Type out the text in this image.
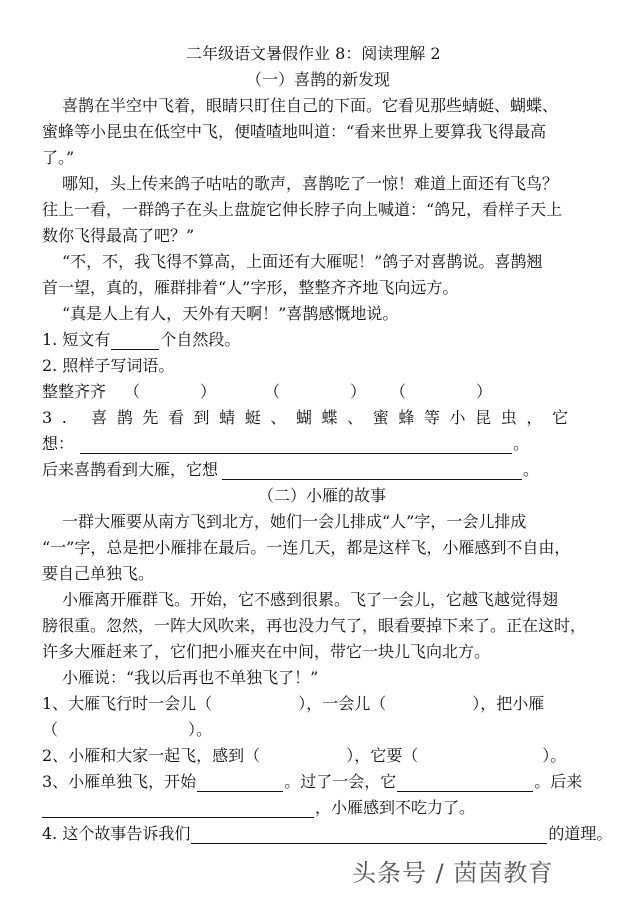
二年级语文暑假作业 8：阅读理解 2
（一）喜鹊的新发现
喜鹊在半空中飞着，眼睛只盯住自己的下面。它看见那些蜻蜓、蝴蝶、
蜜蜂等小昆虫在低空中飞，便喳喳地叫道：“看来世界上要算我飞得最高
了。”
哪知，头上传来鸽子咕咕的歌声，喜鹊吃了一惊！难道上面还有飞鸟？
往上一看，一群鸽子在头上盘旋它伸长脖子向上喊道：“鸽兄，看样子天上
数你飞得最高了吧？”
“不，不，我飞得不算高，上面还有大雁呢！”鸽子对喜鹊说。喜鹊翘
首一望，真的，雁群排着“人”字形，整整齐齐地飞向远方。
“真是人上有人，天外有天啊！”喜鹊感慨地说。
1. 短文有	个自然段。
2. 照样子写词语。
整整齐齐 （	）	（	）	（	）
3. 喜鹊先看到蜻蜓、蝴蝶、蜜蜂等小昆虫，它
想：	。
后来喜鹊看到大雁，它想	。
（二）小雁的故事
一群大雁要从南方飞到北方，她们一会儿排成“人”字，一会儿排成
“一”字，总是把小雁排在最后。一连几天，都是这样飞，小雁感到不自由，
要自己单独飞。
小雁离开雁群飞。开始，它不感到很累。飞了一会儿，它越飞越觉得翅
膀很重。忽然，一阵大风吹来，再也没力气了，眼看要掉下来了。正在这时，
许多大雁赶来了，它们把小雁夹在中间，带它一块儿飞向北方。
小雁说：“我以后再也不单独飞了！”
1、大雁飞行时一会儿（	），一会儿（	），把小雁
（	）。
2、小雁和大家一起飞，感到（	），它要（	）。
3、小雁单独飞，开始	。过了一会，它	。后来
，小雁感到不吃力了。
4. 这个故事告诉我们	的道理。
头条号 / 茵茵教育
